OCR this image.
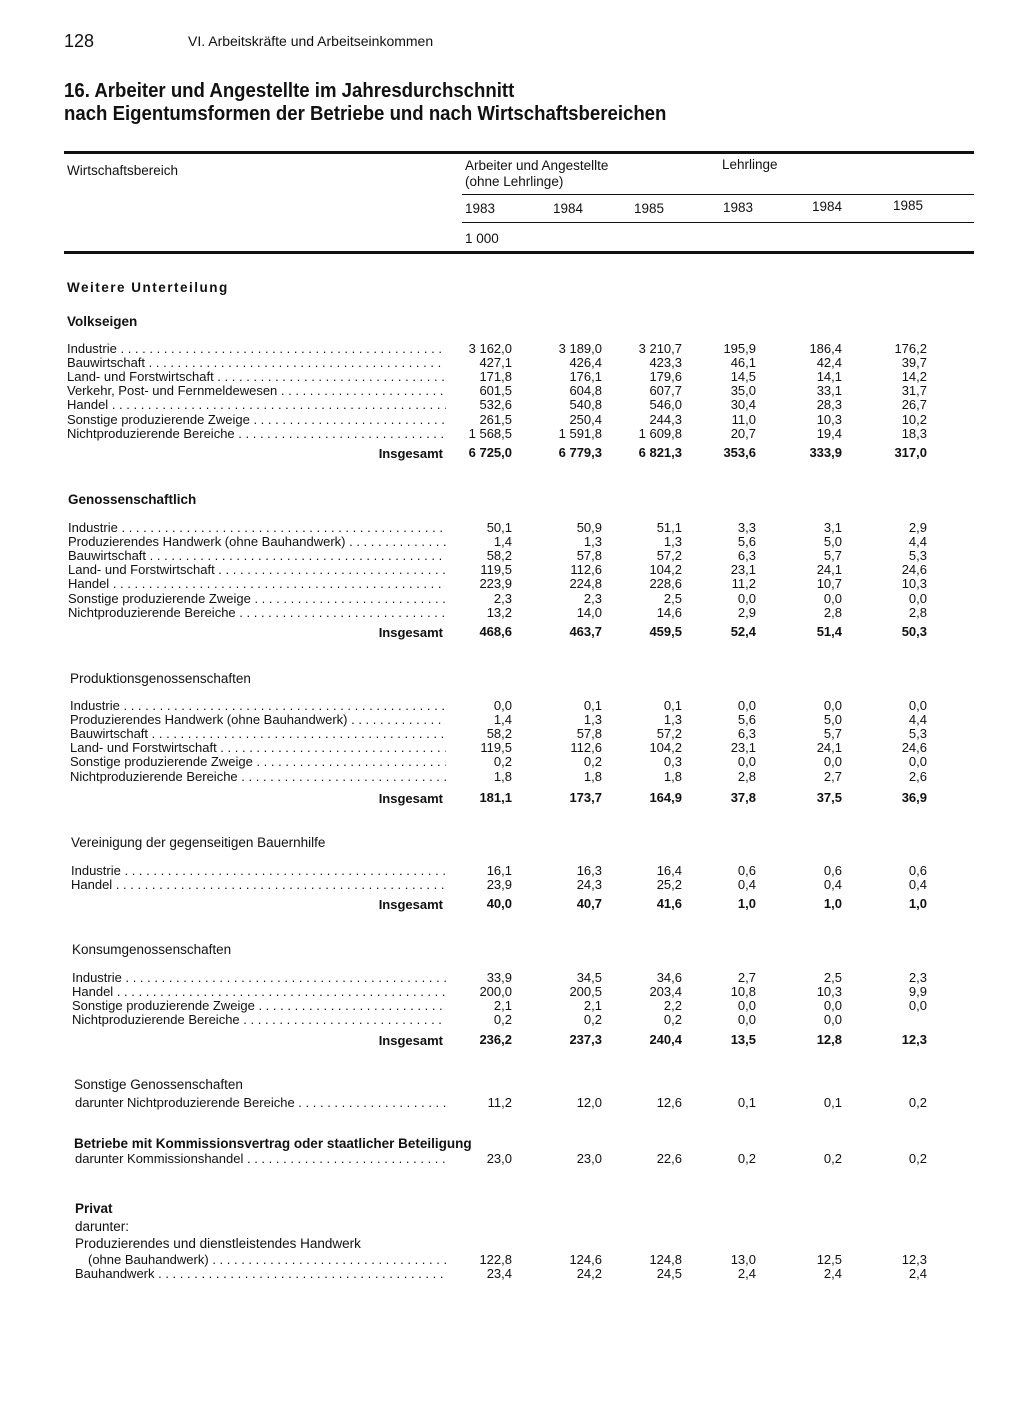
128	VI. Arbeitskräfte und Arbeitseinkommen
16. Arbeiter und Angestellte im Jahresdurchschnitt
nach Eigentumsformen der Betriebe und nach Wirtschaftsbereichen
Wirtschaftsbereich	Arbeiter und Angestellte
(ohne Lehrlinge)
Lehrlinge
1983	1984	1985	1983	1984	1985
1 000
Weitere Unterteilung
Volkseigen
Industrie . . .	3 162,0	3 189,0	3 210,7	195,9	186,4	176,2
Bauwirtschaft . . .	427,1	426,4	423,3	46,1	42,4	39,7
Land- und Forstwirtschaft . . .	171,8	176,1	179,6	14,5	14,1	14,2
Verkehr, Post- und Fernmeldewesen . . .	601,5	604,8	607,7	35,0	33,1	31,7
Handel . . .	532,6	540,8	546,0	30,4	28,3	26,7
Sonstige produzierende Zweige . . .	261,5	250,4	244,3	11,0	10,3	10,2
Nichtproduzierende Bereiche . . .	1 568,5	1 591,8	1 609,8	20,7	19,4	18,3
Insgesamt	6 725,0	6 779,3	6 821,3	353,6	333,9	317,0
Genossenschaftlich
Industrie . . .	50,1	50,9	51,1	3,3	3,1	2,9
Produzierendes Handwerk (ohne Bauhandwerk) . . .	1,4	1,3	1,3	5,6	5,0	4,4
Bauwirtschaft . . .	58,2	57,8	57,2	6,3	5,7	5,3
Land- und Forstwirtschaft . . .	119,5	112,6	104,2	23,1	24,1	24,6
Handel . . .	223,9	224,8	228,6	11,2	10,7	10,3
Sonstige produzierende Zweige . . .	2,3	2,3	2,5	0,0	0,0	0,0
Nichtproduzierende Bereiche . . .	13,2	14,0	14,6	2,9	2,8	2,8
Insgesamt	468,6	463,7	459,5	52,4	51,4	50,3
Produktionsgenossenschaften
Industrie . . .	0,0	0,1	0,1	0,0	0,0	0,0
Produzierendes Handwerk (ohne Bauhandwerk) . . .	1,4	1,3	1,3	5,6	5,0	4,4
Bauwirtschaft . . .	58,2	57,8	57,2	6,3	5,7	5,3
Land- und Forstwirtschaft . . .	119,5	112,6	104,2	23,1	24,1	24,6
Sonstige produzierende Zweige . . .	0,2	0,2	0,3	0,0	0,0	0,0
Nichtproduzierende Bereiche . . .	1,8	1,8	1,8	2,8	2,7	2,6
Insgesamt	181,1	173,7	164,9	37,8	37,5	36,9
Vereinigung der gegenseitigen Bauernhilfe
Industrie . . .	16,1	16,3	16,4	0,6	0,6	0,6
Handel . . .	23,9	24,3	25,2	0,4	0,4	0,4
Insgesamt	40,0	40,7	41,6	1,0	1,0	1,0
Konsumgenossenschaften
Industrie . . .	33,9	34,5	34,6	2,7	2,5	2,3
Handel . . .	200,0	200,5	203,4	10,8	10,3	9,9
Sonstige produzierende Zweige . . .	2,1	2,1	2,2	0,0	0,0	0,0
Nichtproduzierende Bereiche . . .	0,2	0,2	0,2	0,0	0,0
Insgesamt	236,2	237,3	240,4	13,5	12,8	12,3
Sonstige Genossenschaften
darunter Nichtproduzierende Bereiche . . .	11,2	12,0	12,6	0,1	0,1	0,2
Betriebe mit Kommissionsvertrag oder staatlicher Beteiligung
darunter Kommissionshandel . . .	23,0	23,0	22,6	0,2	0,2	0,2
Privat
darunter:
Produzierendes und dienstleistendes Handwerk
(ohne Bauhandwerk) . . .	122,8	124,6	124,8	13,0	12,5	12,3
Bauhandwerk . . .	23,4	24,2	24,5	2,4	2,4	2,4
